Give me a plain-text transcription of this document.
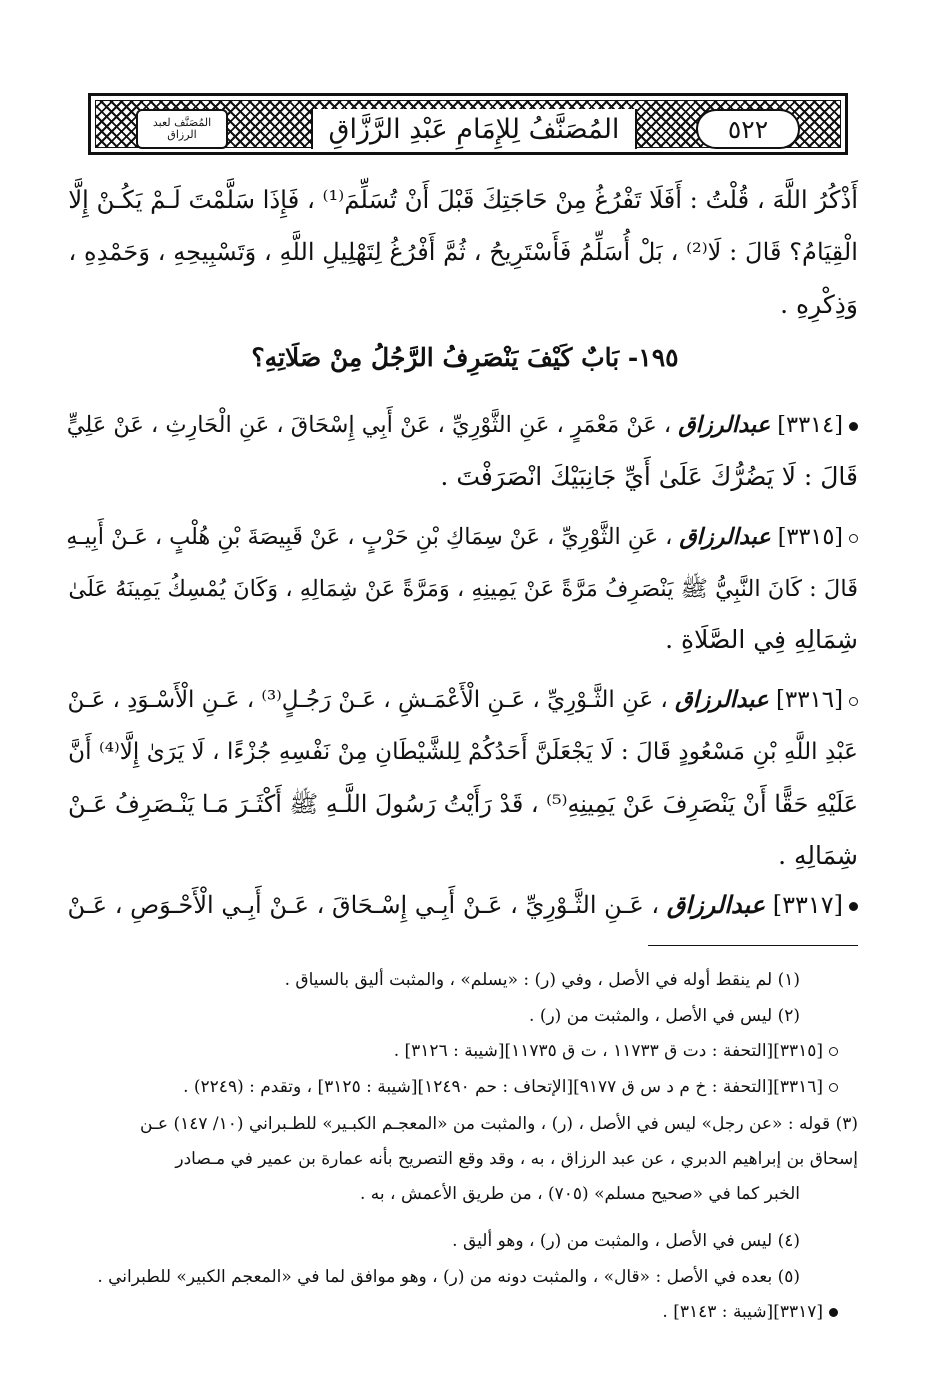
٥٢٢
المُصَنَّفُ لِلإِمَامِ عَبْدِ الرَّزَّاقِ
المُصَنَّف لعبد الرزاق
أَذْكُرُ اللَّهَ ، قُلْتُ : أَفَلَا تَفْرُغُ مِنْ حَاجَتِكَ قَبْلَ أَنْ تُسَلِّمَ⁽¹⁾ ، فَإِذَا سَلَّمْتَ لَـمْ يَكُـنْ إِلَّا
الْقِيَامُ؟ قَالَ : لَا⁽²⁾ ، بَلْ أُسَلِّمُ فَأَسْتَرِيحُ ، ثُمَّ أَفْرُغُ لِتَهْلِيلِ اللَّهِ ، وَتَسْبِيحِهِ ، وَحَمْدِهِ ،
وَذِكْرِهِ .
١٩٥- بَابٌ كَيْفَ يَنْصَرِفُ الرَّجُلُ مِنْ صَلَاتِهِ؟
[٣٣١٤] عبدالرزاق ، عَنْ مَعْمَرٍ ، عَنِ الثَّوْرِيِّ ، عَنْ أَبِي إِسْحَاقَ ، عَنِ الْحَارِثِ ، عَنْ عَلِيٍّ
قَالَ : لَا يَضُرُّكَ عَلَىٰ أَيِّ جَانِبَيْكَ انْصَرَفْتَ .
[٣٣١٥] عبدالرزاق ، عَنِ الثَّوْرِيِّ ، عَنْ سِمَاكِ بْنِ حَرْبٍ ، عَنْ قَبِيصَةَ بْنِ هُلْبٍ ، عَـنْ أَبِيـهِ
قَالَ : كَانَ النَّبِيُّ ﷺ يَنْصَرِفُ مَرَّةً عَنْ يَمِينِهِ ، وَمَرَّةً عَنْ شِمَالِهِ ، وَكَانَ يُمْسِكُ يَمِينَهُ عَلَىٰ
شِمَالِهِ فِي الصَّلَاةِ .
[٣٣١٦] عبدالرزاق ، عَنِ الثَّـوْرِيِّ ، عَـنِ الْأَعْمَـشِ ، عَـنْ رَجُـلٍ⁽³⁾ ، عَـنِ الْأَسْـوَدِ ، عَـنْ
عَبْدِ اللَّهِ بْنِ مَسْعُودٍ قَالَ : لَا يَجْعَلَنَّ أَحَدُكُمْ لِلشَّيْطَانِ مِنْ نَفْسِهِ جُزْءًا ، لَا يَرَىٰ إِلَّا⁽⁴⁾ أَنَّ
عَلَيْهِ حَقًّا أَنْ يَنْصَرِفَ عَنْ يَمِينِهِ⁽⁵⁾ ، قَدْ رَأَيْتُ رَسُولَ اللَّـهِ ﷺ أَكْثَـرَ مَـا يَنْـصَرِفُ عَـنْ
شِمَالِهِ .
[٣٣١٧] عبدالرزاق ، عَـنِ الثَّـوْرِيِّ ، عَـنْ أَبِـي إِسْـحَاقَ ، عَـنْ أَبِـي الْأَحْـوَصِ ، عَـنْ
(١) لم ينقط أوله في الأصل ، وفي (ر) : «يسلم» ، والمثبت أليق بالسياق .
(٢) ليس في الأصل ، والمثبت من (ر) .
[٣٣١٥][التحفة : دت ق ١١٧٣٣ ، ت ق ١١٧٣٥][شيبة : ٣١٢٦] .
[٣٣١٦][التحفة : خ م د س ق ٩١٧٧][الإتحاف : حم ١٢٤٩٠][شيبة : ٣١٢٥] ، وتقدم : (٢٢٤٩) .
(٣) قوله : «عن رجل» ليس في الأصل ، (ر) ، والمثبت من «المعجـم الكبـير» للطـبراني (١٠/ ١٤٧) عـن
إسحاق بن إبراهيم الدبري ، عن عبد الرزاق ، به ، وقد وقع التصريح بأنه عمارة بن عمير في مـصادر
الخبر كما في «صحيح مسلم» (٧٠٥) ، من طريق الأعمش ، به .
(٤) ليس في الأصل ، والمثبت من (ر) ، وهو أليق .
(٥) بعده في الأصل : «قال» ، والمثبت دونه من (ر) ، وهو موافق لما في «المعجم الكبير» للطبراني .
[٣٣١٧][شيبة : ٣١٤٣] .
